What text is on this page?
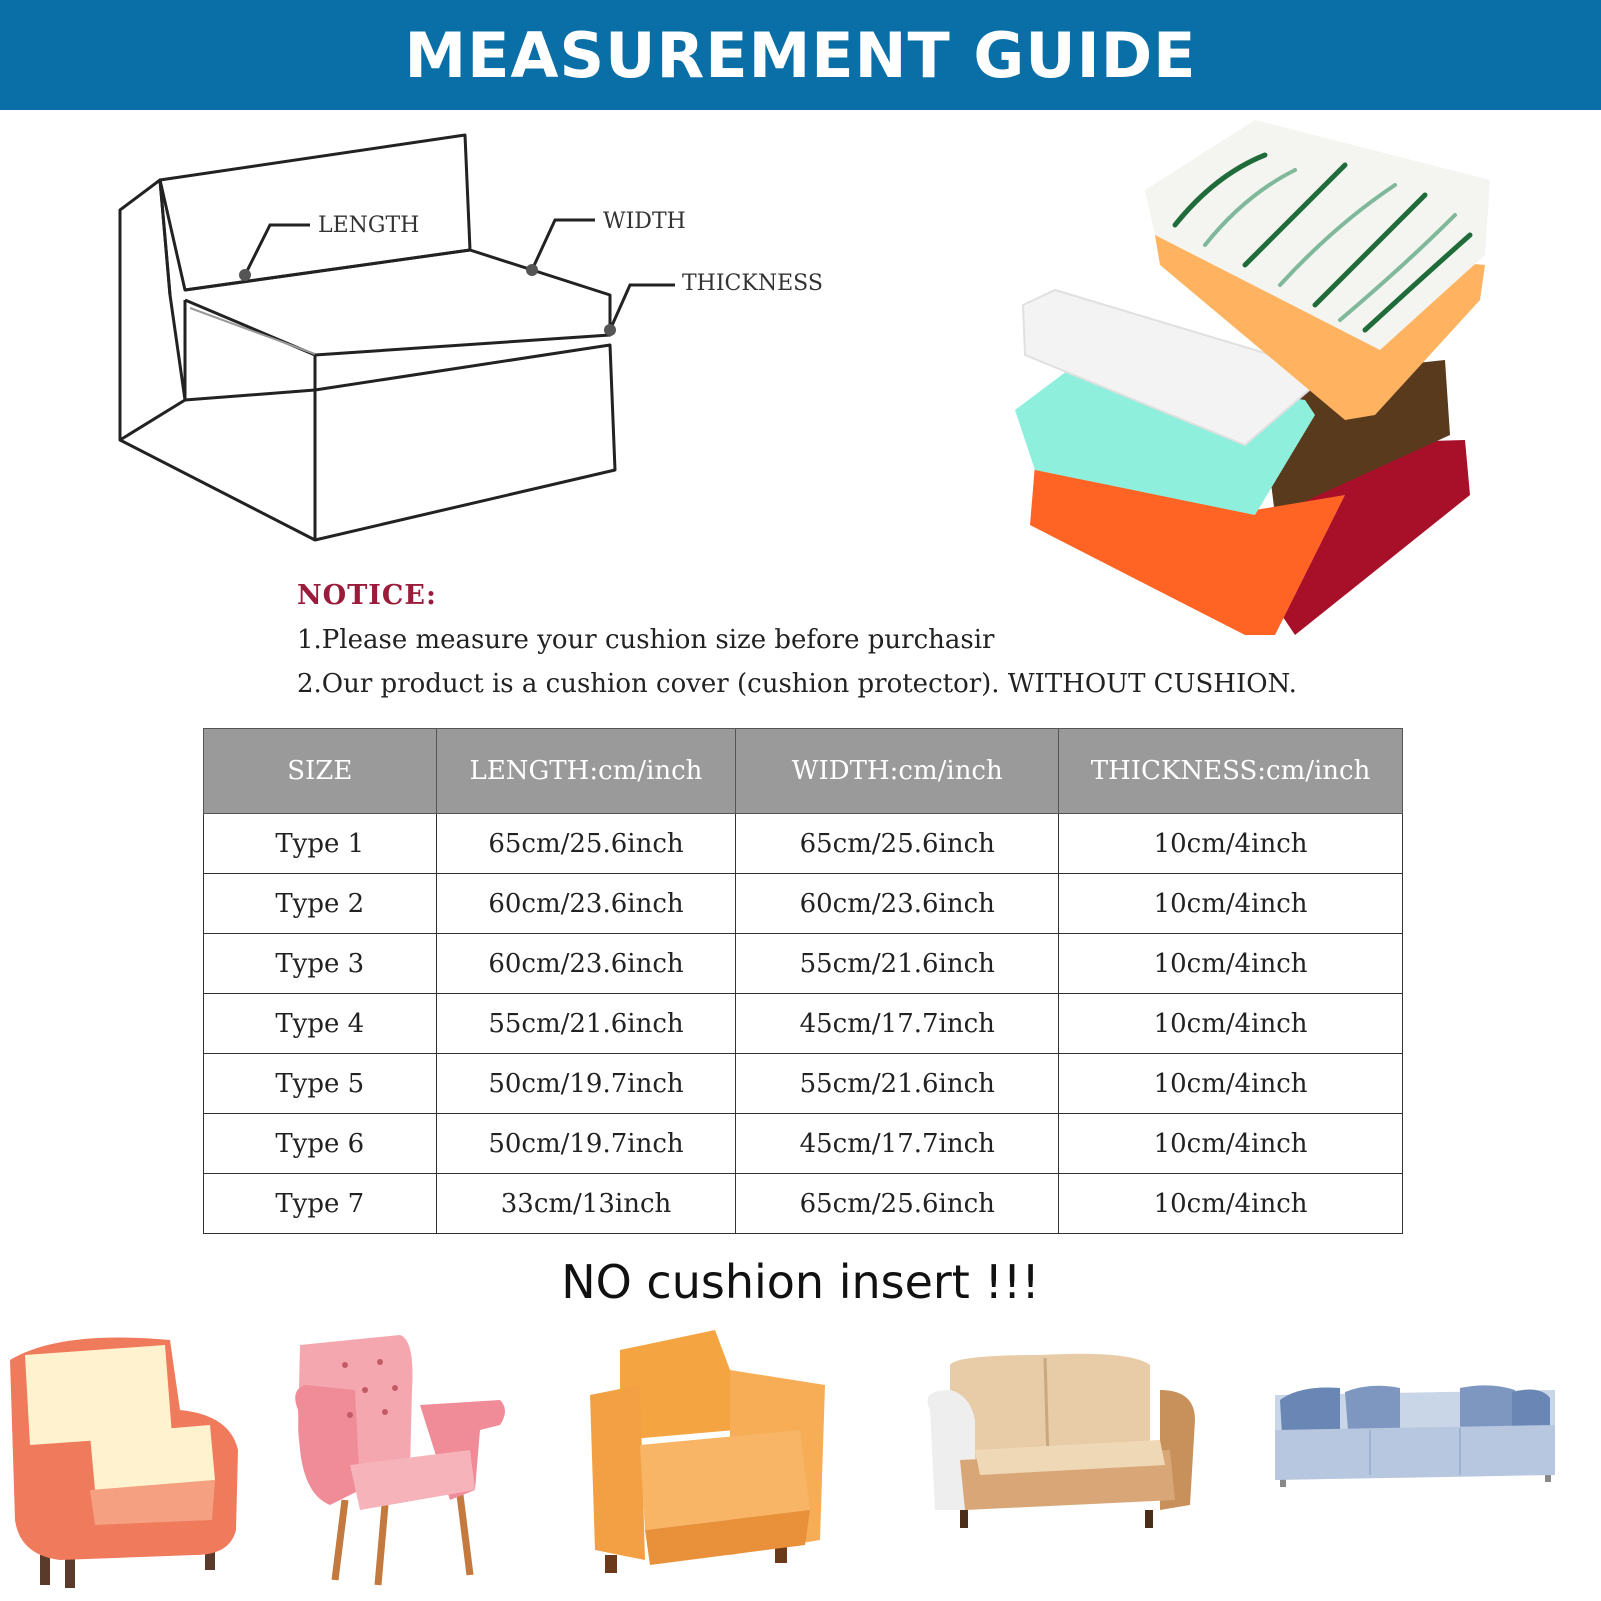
MEASUREMENT GUIDE
LENGTH	WIDTH
THICKNESS
NOTICE:
1.Please measure your cushion size before purchasir
2.Our product is a cushion cover (cushion protector). WITHOUT CUSHION.
SIZE	LENGTH:cm/inch	WIDTH:cm/inch	THICKNESS:cm/inch
Type 1	65cm/25.6inch	65cm/25.6inch	10cm/4inch
Type 2	60cm/23.6inch	60cm/23.6inch	10cm/4inch
Type 3	60cm/23.6inch	55cm/21.6inch	10cm/4inch
Type 4	55cm/21.6inch	45cm/17.7inch	10cm/4inch
Type 5	50cm/19.7inch	55cm/21.6inch	10cm/4inch
Type 6	50cm/19.7inch	45cm/17.7inch	10cm/4inch
Type 7	33cm/13inch	65cm/25.6inch	10cm/4inch
NO cushion insert !!!
